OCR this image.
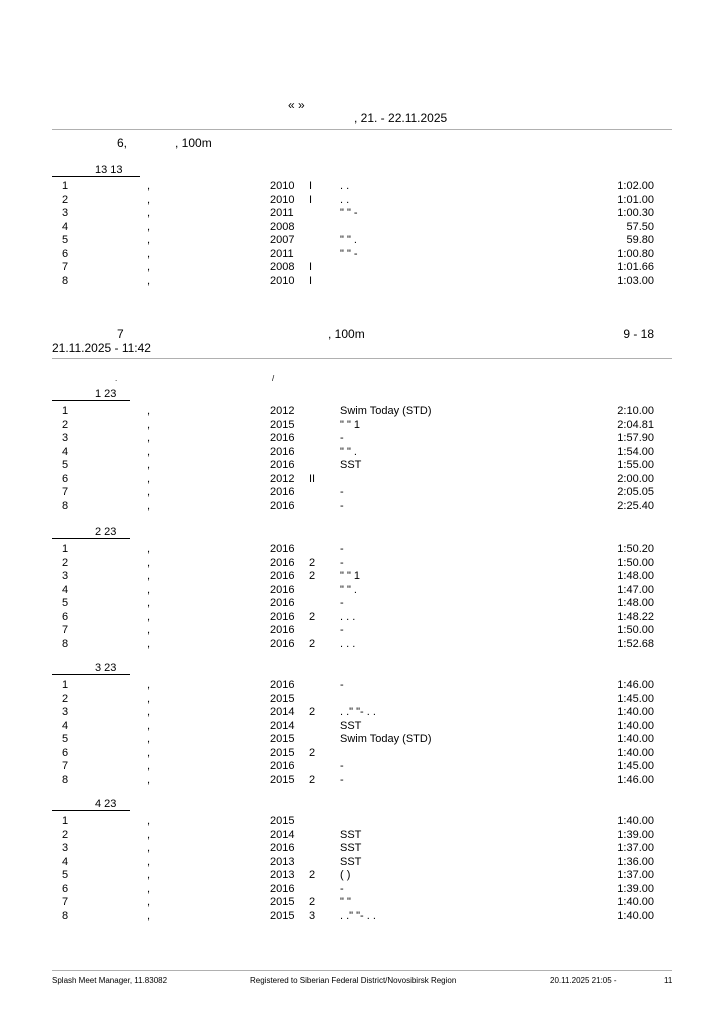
« »
, 21. - 22.11.2025
6,	, 100m
13 13
1	,	2010 I	. .	1:02.00
2	,	2010 I	. .	1:01.00
3	,	2011	" " -	1:00.30
4	,	2008	57.50
5	,	2007	" " .	59.80
6	,	2011	" " -	1:00.80
7	,	2008 I	1:01.66
8	,	2010 I	1:03.00
7	, 100m	9 - 18
21.11.2025 - 11:42
.	/
1 23
1	,	2012	Swim Today (STD)	2:10.00
2	,	2015	" " 1	2:04.81
3	,	2016	-	1:57.90
4	,	2016	" " .	1:54.00
5	,	2016	SST	1:55.00
6	,	2012 II	2:00.00
7	,	2016	-	2:05.05
8	,	2016	-	2:25.40
2 23
1	,	2016	-	1:50.20
2	,	2016 2 -	1:50.00
3	,	2016 2 " " 1	1:48.00
4	,	2016	" " .	1:47.00
5	,	2016	-	1:48.00
6	,	2016 2 . . .	1:48.22
7	,	2016	-	1:50.00
8	,	2016 2 . . .	1:52.68
3 23
1	,	2016	-	1:46.00
2	,	2015	1:45.00
3	,	2014 2 . ." "- . .	1:40.00
4	,	2014	SST	1:40.00
5	,	2015	Swim Today (STD)	1:40.00
6	,	2015 2	1:40.00
7	,	2016	-	1:45.00
8	,	2015 2 -	1:46.00
4 23
1	,	2015	1:40.00
2	,	2014	SST	1:39.00
3	,	2016	SST	1:37.00
4	,	2013	SST	1:36.00
5	,	2013 2 ( )	1:37.00
6	,	2016	-	1:39.00
7	,	2015 2 " "	1:40.00
8	,	2015 3 . ." "- . .	1:40.00
Splash Meet Manager, 11.83082	Registered to Siberian Federal District/Novosibirsk Region	20.11.2025 21:05 -	11
